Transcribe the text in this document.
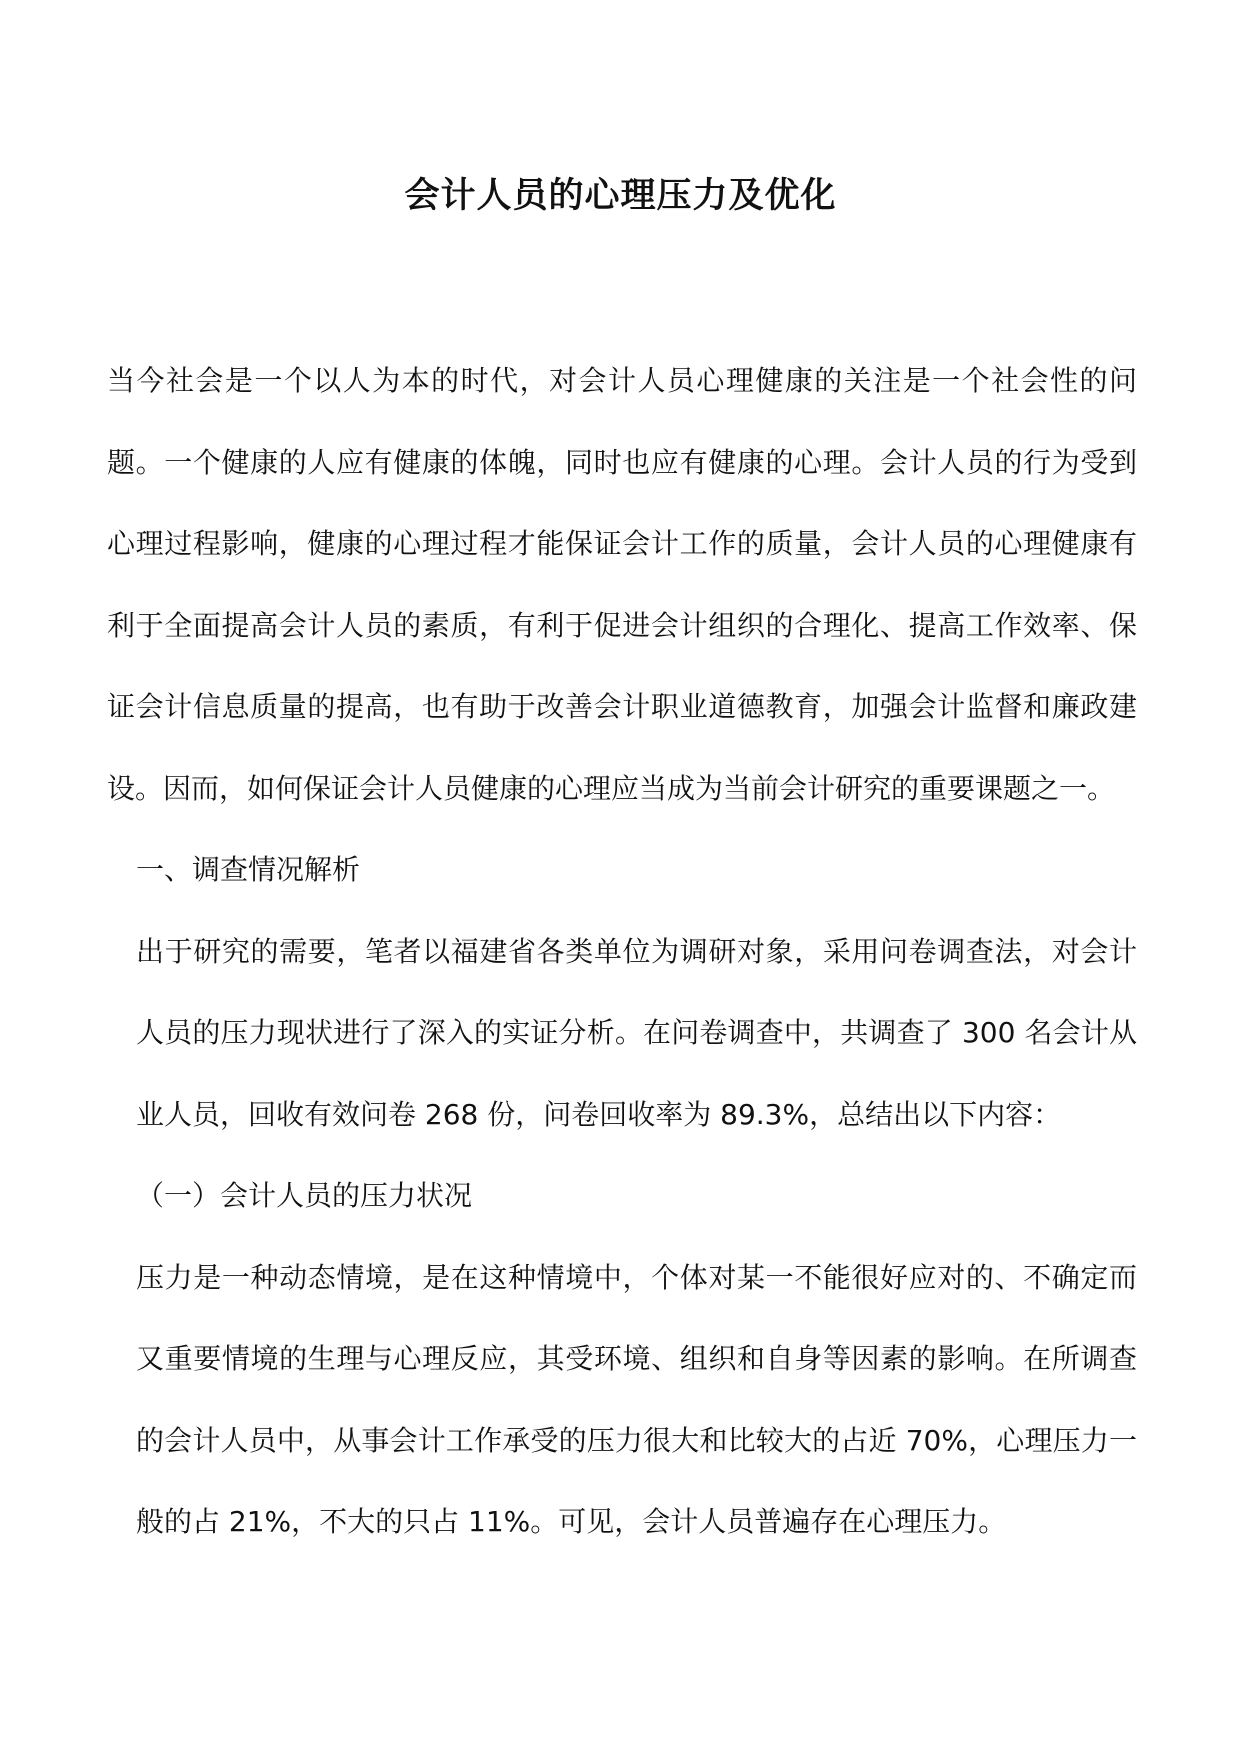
会计人员的心理压力及优化

当今社会是一个以人为本的时代，对会计人员心理健康的关注是一个社会性的问题。一个健康的人应有健康的体魄，同时也应有健康的心理。会计人员的行为受到心理过程影响，健康的心理过程才能保证会计工作的质量，会计人员的心理健康有利于全面提高会计人员的素质，有利于促进会计组织的合理化、提高工作效率、保证会计信息质量的提高，也有助于改善会计职业道德教育，加强会计监督和廉政建设。因而，如何保证会计人员健康的心理应当成为当前会计研究的重要课题之一。

一、调查情况解析

出于研究的需要，笔者以福建省各类单位为调研对象，采用问卷调查法，对会计人员的压力现状进行了深入的实证分析。在问卷调查中，共调查了 300 名会计从业人员，回收有效问卷 268 份，问卷回收率为 89.3%，总结出以下内容：

（一）会计人员的压力状况

压力是一种动态情境，是在这种情境中，个体对某一不能很好应对的、不确定而又重要情境的生理与心理反应，其受环境、组织和自身等因素的影响。在所调查的会计人员中，从事会计工作承受的压力很大和比较大的占近 70%，心理压力一般的占 21%，不大的只占 11%。可见，会计人员普遍存在心理压力。
